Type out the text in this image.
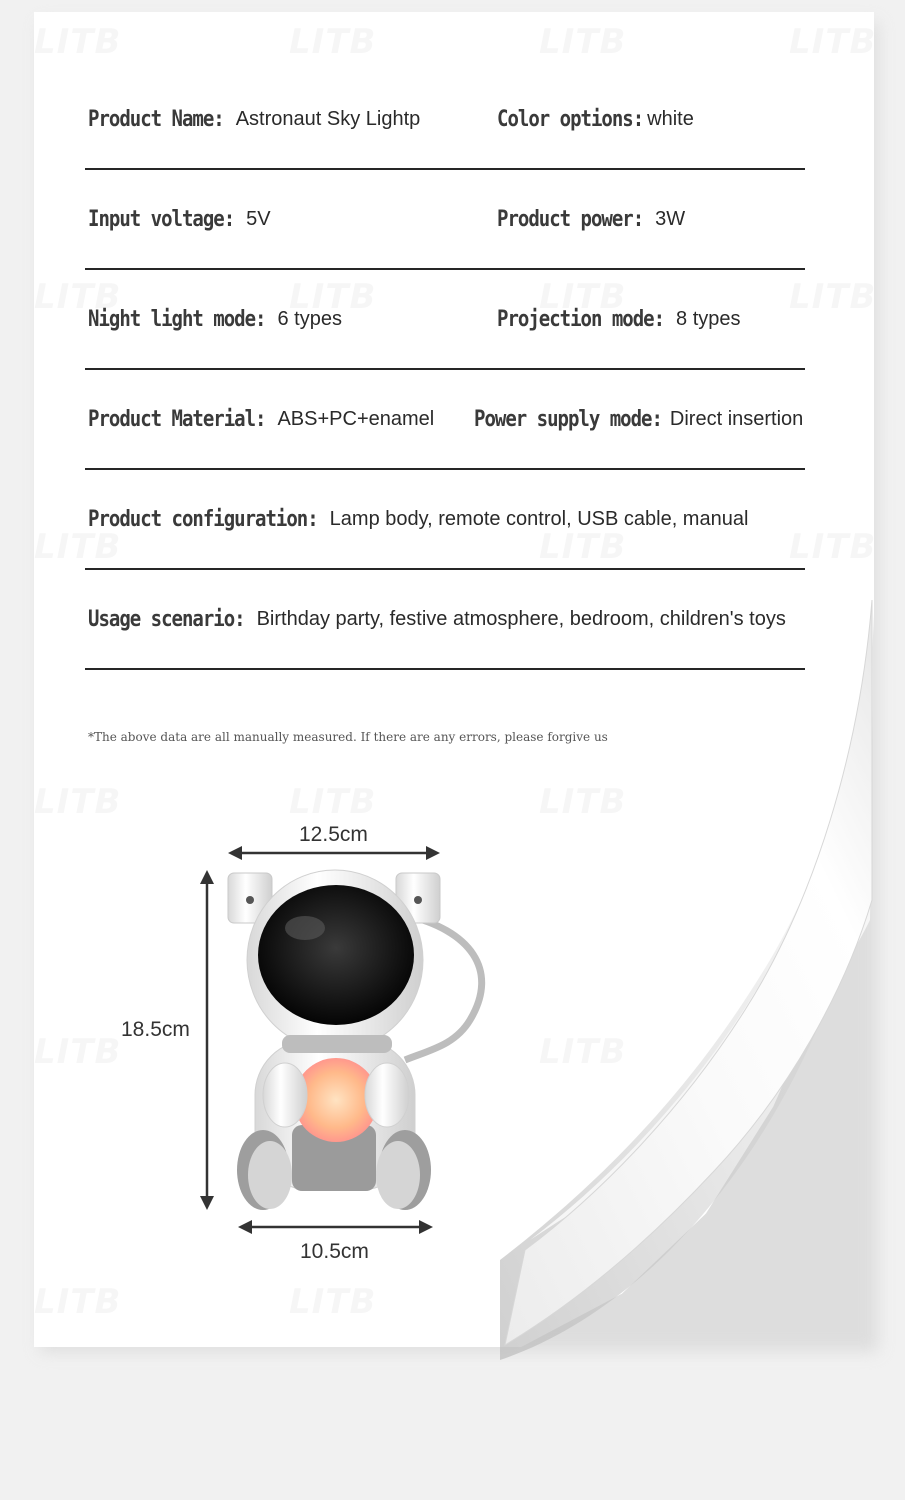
Product Name: Astronaut Sky Lightp	Color options: white
Input voltage: 5V	Product power: 3W
Night light mode: 6 types	Projection mode: 8 types
Product Material: ABS+PC+enamel Power supply mode: Direct insertion
Product configuration: Lamp body, remote control, USB cable, manual
Usage scenario: Birthday party, festive atmosphere, bedroom, children's toys
*The above data are all manually measured. If there are any errors, please forgive us
12.5cm
18.5cm
10.5cm
